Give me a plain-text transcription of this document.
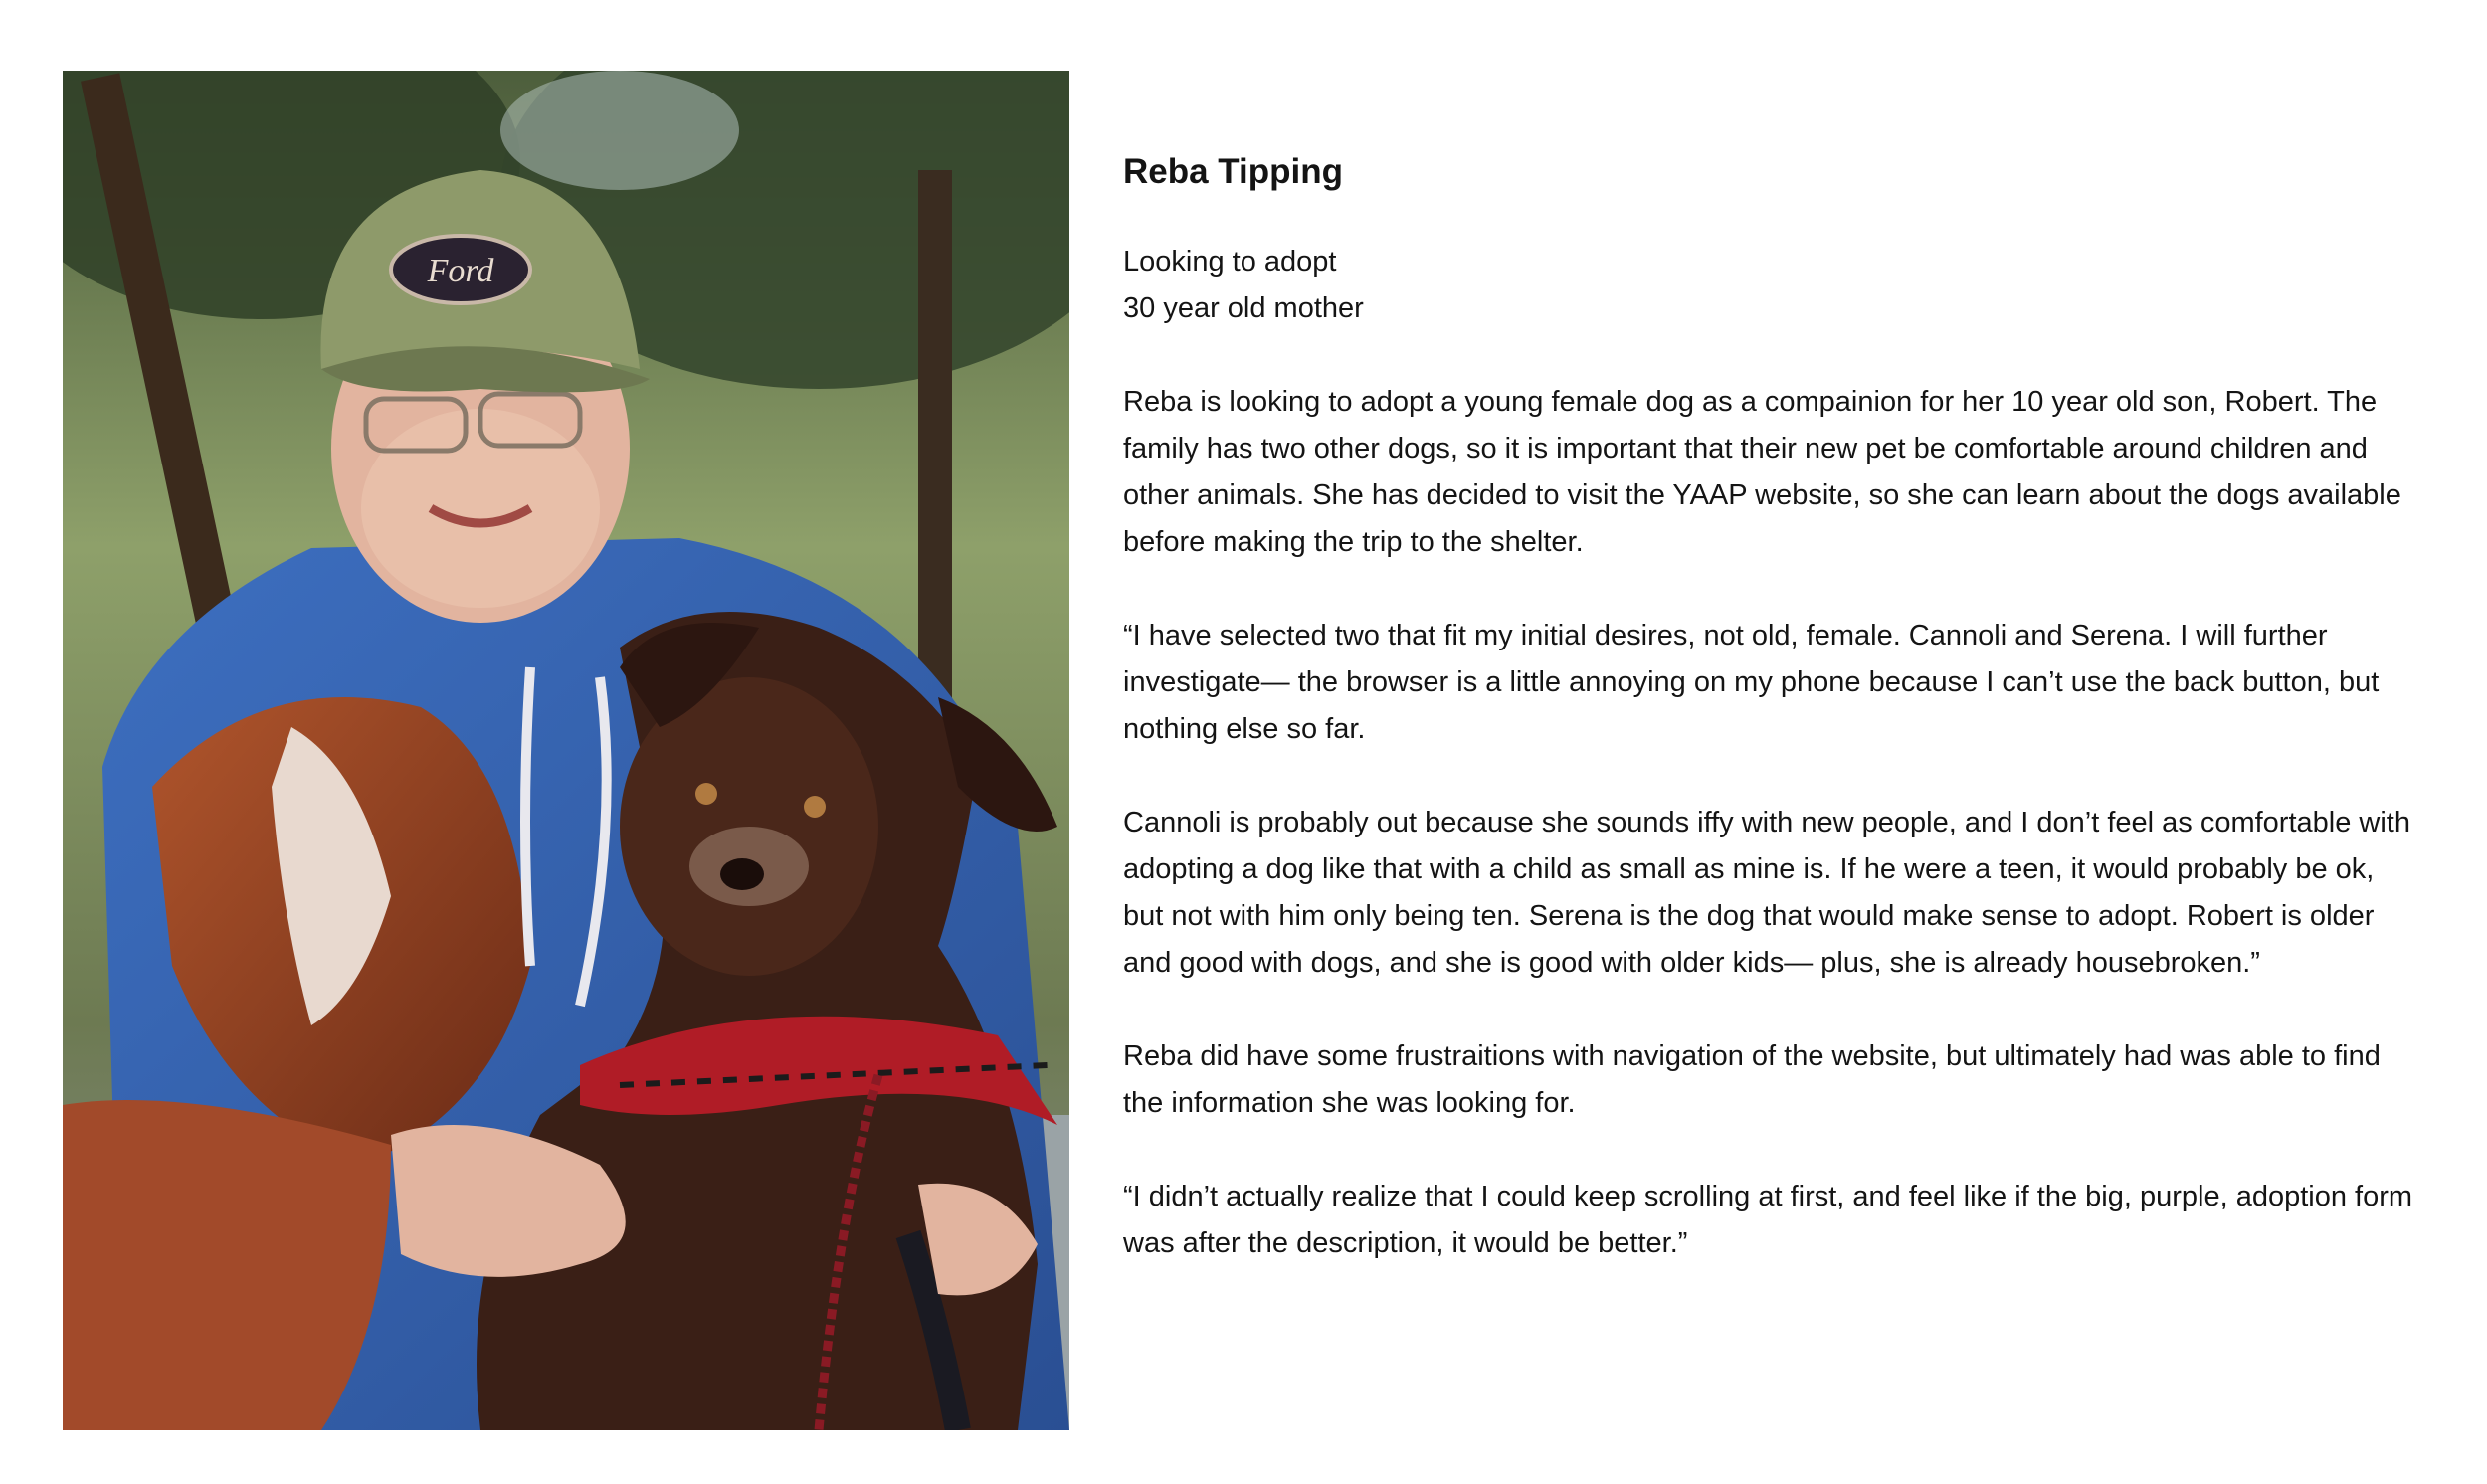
Ford
Reba Tipping

Looking to adopt

30 year old mother

Reba is looking to adopt a young female dog as a compainion for her 10 year old son, Robert. The family has two other dogs, so it is important that their new pet be comfortable around children and other animals. She has decided to visit the YAAP website, so she can learn about the dogs available before making the trip to the shelter.

“I have selected two that fit my initial desires, not old, female. Cannoli and Serena. I will further investigate— the browser is a little annoying on my phone because I can’t use the back button, but nothing else so far.

Cannoli is probably out because she sounds iffy with new people, and I don’t feel as comfortable with adopting a dog like that with a child as small as mine is. If he were a teen, it would probably be ok, but not with him only being ten. Serena is the dog that would make sense to adopt. Robert is older and good with dogs, and she is good with older kids— plus, she is already housebroken.”

Reba did have some frustraitions with navigation of the website, but ultimately had was able to find the information she was looking for.

“I didn’t actually realize that I could keep scrolling at first, and feel like if the big, purple, adoption form was after the description, it would be better.”
